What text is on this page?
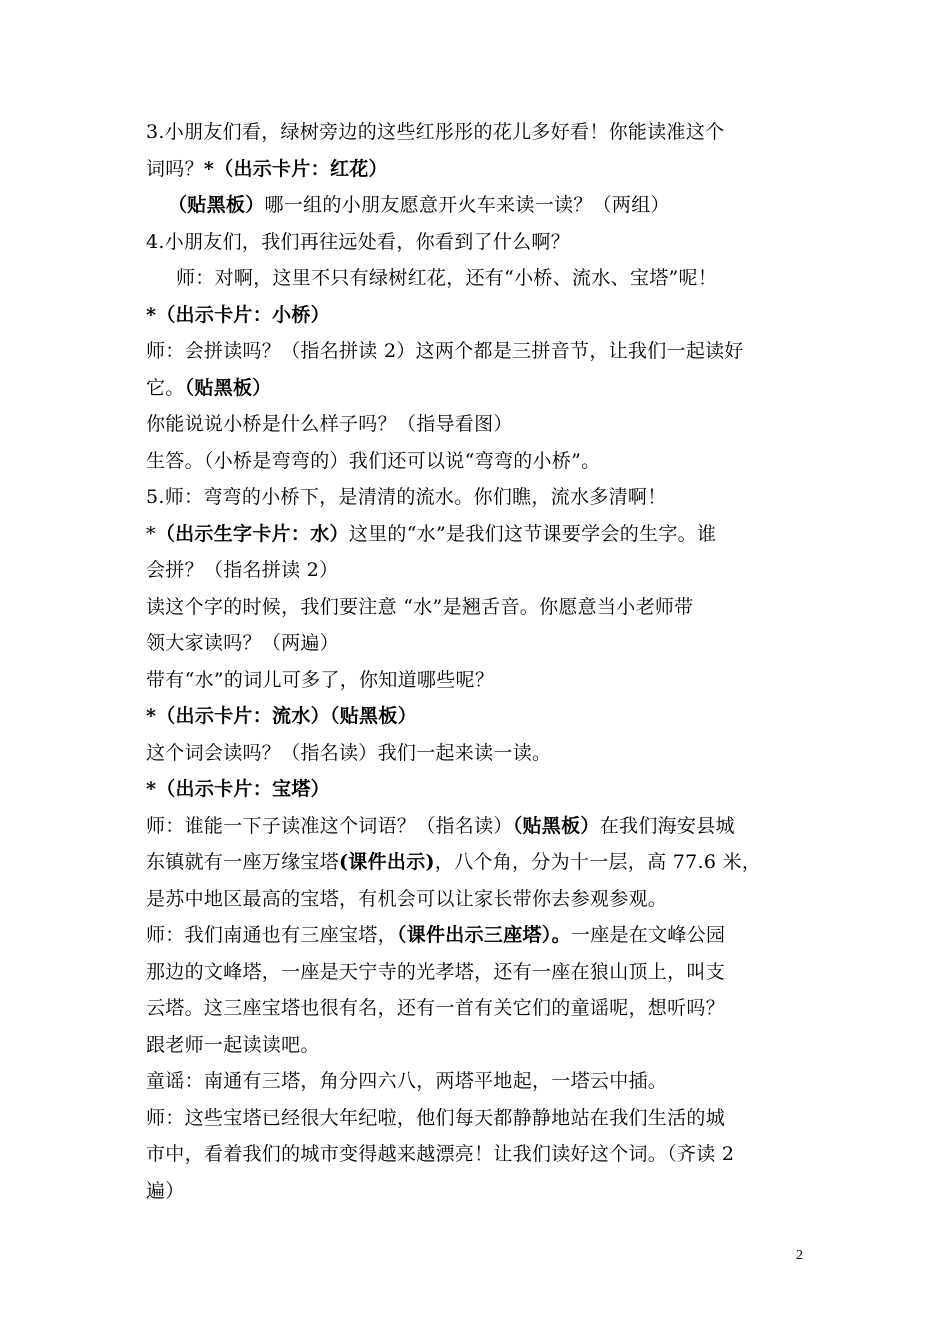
3.小朋友们看，绿树旁边的这些红彤彤的花儿多好看！你能读准这个
词吗？*（出示卡片：红花）
（贴黑板）哪一组的小朋友愿意开火车来读一读？（两组）
4.小朋友们，我们再往远处看，你看到了什么啊？
师：对啊，这里不只有绿树红花，还有“小桥、流水、宝塔”呢！
*（出示卡片：小桥）
师：会拼读吗？（指名拼读 2）这两个都是三拼音节，让我们一起读好
它。（贴黑板）
你能说说小桥是什么样子吗？（指导看图）
生答。（小桥是弯弯的）我们还可以说“弯弯的小桥”。
5.师：弯弯的小桥下，是清清的流水。你们瞧，流水多清啊！
*（出示生字卡片：水）这里的“水”是我们这节课要学会的生字。谁
会拼？（指名拼读 2）
读这个字的时候，我们要注意 “水”是翘舌音。你愿意当小老师带
领大家读吗？（两遍）
带有“水”的词儿可多了，你知道哪些呢？
*（出示卡片：流水）（贴黑板）
这个词会读吗？（指名读）我们一起来读一读。
*（出示卡片：宝塔）
师：谁能一下子读准这个词语？（指名读）（贴黑板）在我们海安县城
东镇就有一座万缘宝塔(课件出示)，八个角，分为十一层，高 77.6 米，
是苏中地区最高的宝塔，有机会可以让家长带你去参观参观。
师：我们南通也有三座宝塔，（课件出示三座塔）。一座是在文峰公园
那边的文峰塔，一座是天宁寺的光孝塔，还有一座在狼山顶上，叫支
云塔。这三座宝塔也很有名，还有一首有关它们的童谣呢，想听吗？
跟老师一起读读吧。
童谣：南通有三塔，角分四六八，两塔平地起，一塔云中插。
师：这些宝塔已经很大年纪啦，他们每天都静静地站在我们生活的城
市中，看着我们的城市变得越来越漂亮！让我们读好这个词。（齐读 2
遍）
2
